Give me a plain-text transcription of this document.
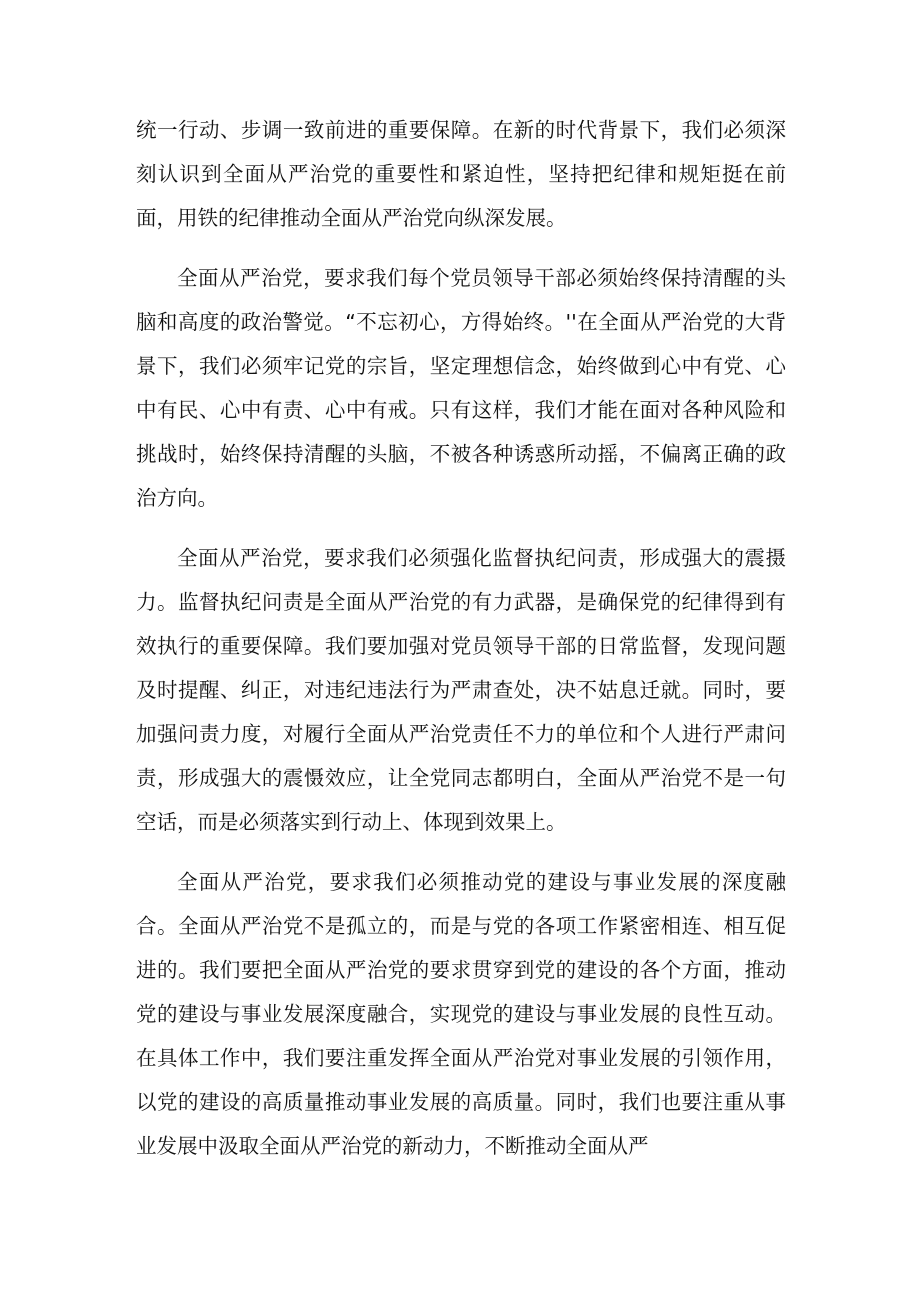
统一行动、步调一致前进的重要保障。在新的时代背景下，我们必须深刻认识到全面从严治党的重要性和紧迫性，坚持把纪律和规矩挺在前面，用铁的纪律推动全面从严治党向纵深发展。

全面从严治党，要求我们每个党员领导干部必须始终保持清醒的头脑和高度的政治警觉。“不忘初心，方得始终。''在全面从严治党的大背景下，我们必须牢记党的宗旨，坚定理想信念，始终做到心中有党、心中有民、心中有责、心中有戒。只有这样，我们才能在面对各种风险和挑战时，始终保持清醒的头脑，不被各种诱惑所动摇，不偏离正确的政治方向。

全面从严治党，要求我们必须强化监督执纪问责，形成强大的震摄力。监督执纪问责是全面从严治党的有力武器，是确保党的纪律得到有效执行的重要保障。我们要加强对党员领导干部的日常监督，发现问题及时提醒、纠正，对违纪违法行为严肃查处，决不姑息迁就。同时，要加强问责力度，对履行全面从严治党责任不力的单位和个人进行严肃问责，形成强大的震慑效应，让全党同志都明白，全面从严治党不是一句空话，而是必须落实到行动上、体现到效果上。

全面从严治党，要求我们必须推动党的建设与事业发展的深度融合。全面从严治党不是孤立的，而是与党的各项工作紧密相连、相互促进的。我们要把全面从严治党的要求贯穿到党的建设的各个方面，推动党的建设与事业发展深度融合，实现党的建设与事业发展的良性互动。在具体工作中，我们要注重发挥全面从严治党对事业发展的引领作用，以党的建设的高质量推动事业发展的高质量。同时，我们也要注重从事业发展中汲取全面从严治党的新动力，不断推动全面从严
